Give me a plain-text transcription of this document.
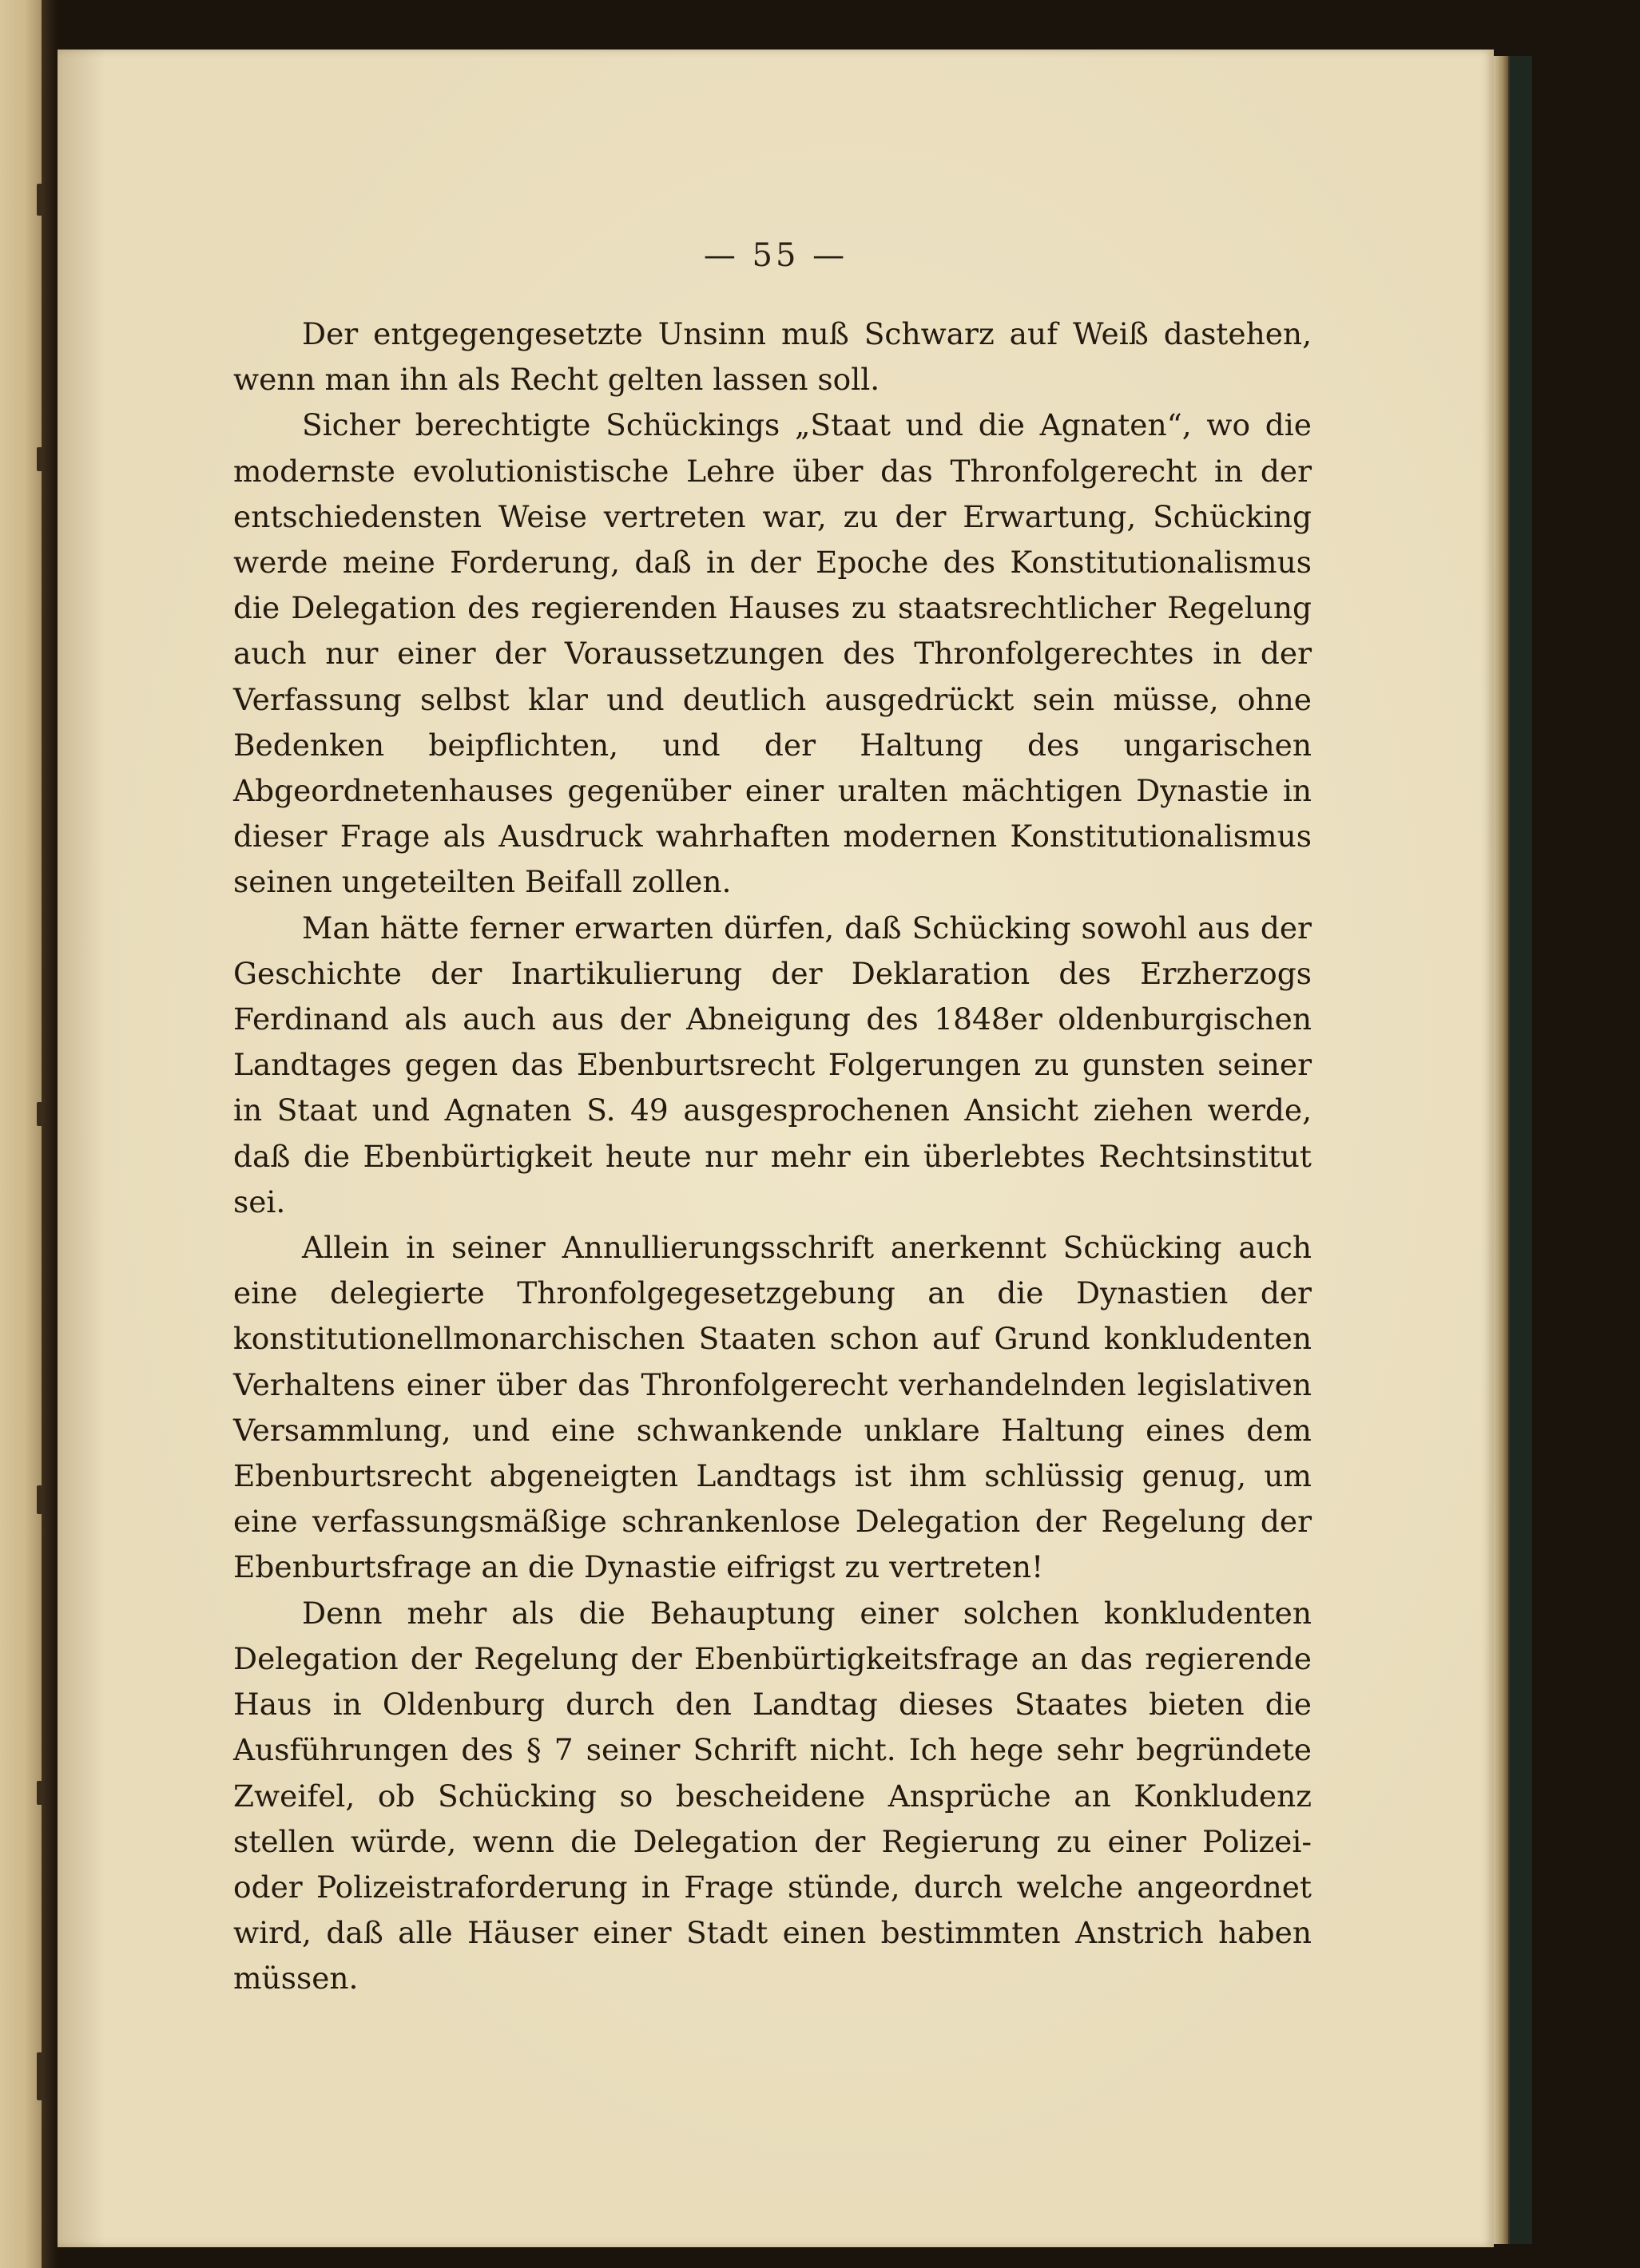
— 55 —

Der entgegengesetzte Unsinn muß Schwarz auf Weiß dastehen, wenn man ihn als Recht gelten lassen soll.

Sicher berechtigte Schückings „Staat und die Agnaten“, wo die modernste evolutionistische Lehre über das Thronfolgerecht in der entschiedensten Weise vertreten war, zu der Erwartung, Schücking werde meine Forderung, daß in der Epoche des Konstitutionalismus die Delegation des regierenden Hauses zu staatsrechtlicher Regelung auch nur einer der Voraussetzungen des Thronfolgerechtes in der Verfassung selbst klar und deutlich ausgedrückt sein müsse, ohne Bedenken beipflichten, und der Haltung des ungarischen Abgeordnetenhauses gegenüber einer uralten mächtigen Dynastie in dieser Frage als Ausdruck wahrhaften modernen Konstitutionalismus seinen ungeteilten Beifall zollen.

Man hätte ferner erwarten dürfen, daß Schücking sowohl aus der Geschichte der Inartikulierung der Deklaration des Erzherzogs Ferdinand als auch aus der Abneigung des 1848er oldenburgischen Landtages gegen das Ebenburtsrecht Folgerungen zu gunsten seiner in Staat und Agnaten S. 49 ausgesprochenen Ansicht ziehen werde, daß die Ebenbürtigkeit heute nur mehr ein überlebtes Rechtsinstitut sei.

Allein in seiner Annullierungsschrift anerkennt Schücking auch eine delegierte Thronfolgegesetzgebung an die Dynastien der konstitutionellmonarchischen Staaten schon auf Grund konkludenten Verhaltens einer über das Thronfolgerecht verhandelnden legislativen Versammlung, und eine schwankende unklare Haltung eines dem Ebenburtsrecht abgeneigten Landtags ist ihm schlüssig genug, um eine verfassungsmäßige schrankenlose Delegation der Regelung der Ebenburtsfrage an die Dynastie eifrigst zu vertreten!

Denn mehr als die Behauptung einer solchen konkludenten Delegation der Regelung der Ebenbürtigkeitsfrage an das regierende Haus in Oldenburg durch den Landtag dieses Staates bieten die Ausführungen des § 7 seiner Schrift nicht. Ich hege sehr begründete Zweifel, ob Schücking so bescheidene Ansprüche an Konkludenz stellen würde, wenn die Delegation der Regierung zu einer Polizei- oder Polizeistraforderung in Frage stünde, durch welche angeordnet wird, daß alle Häuser einer Stadt einen bestimmten Anstrich haben müssen.
